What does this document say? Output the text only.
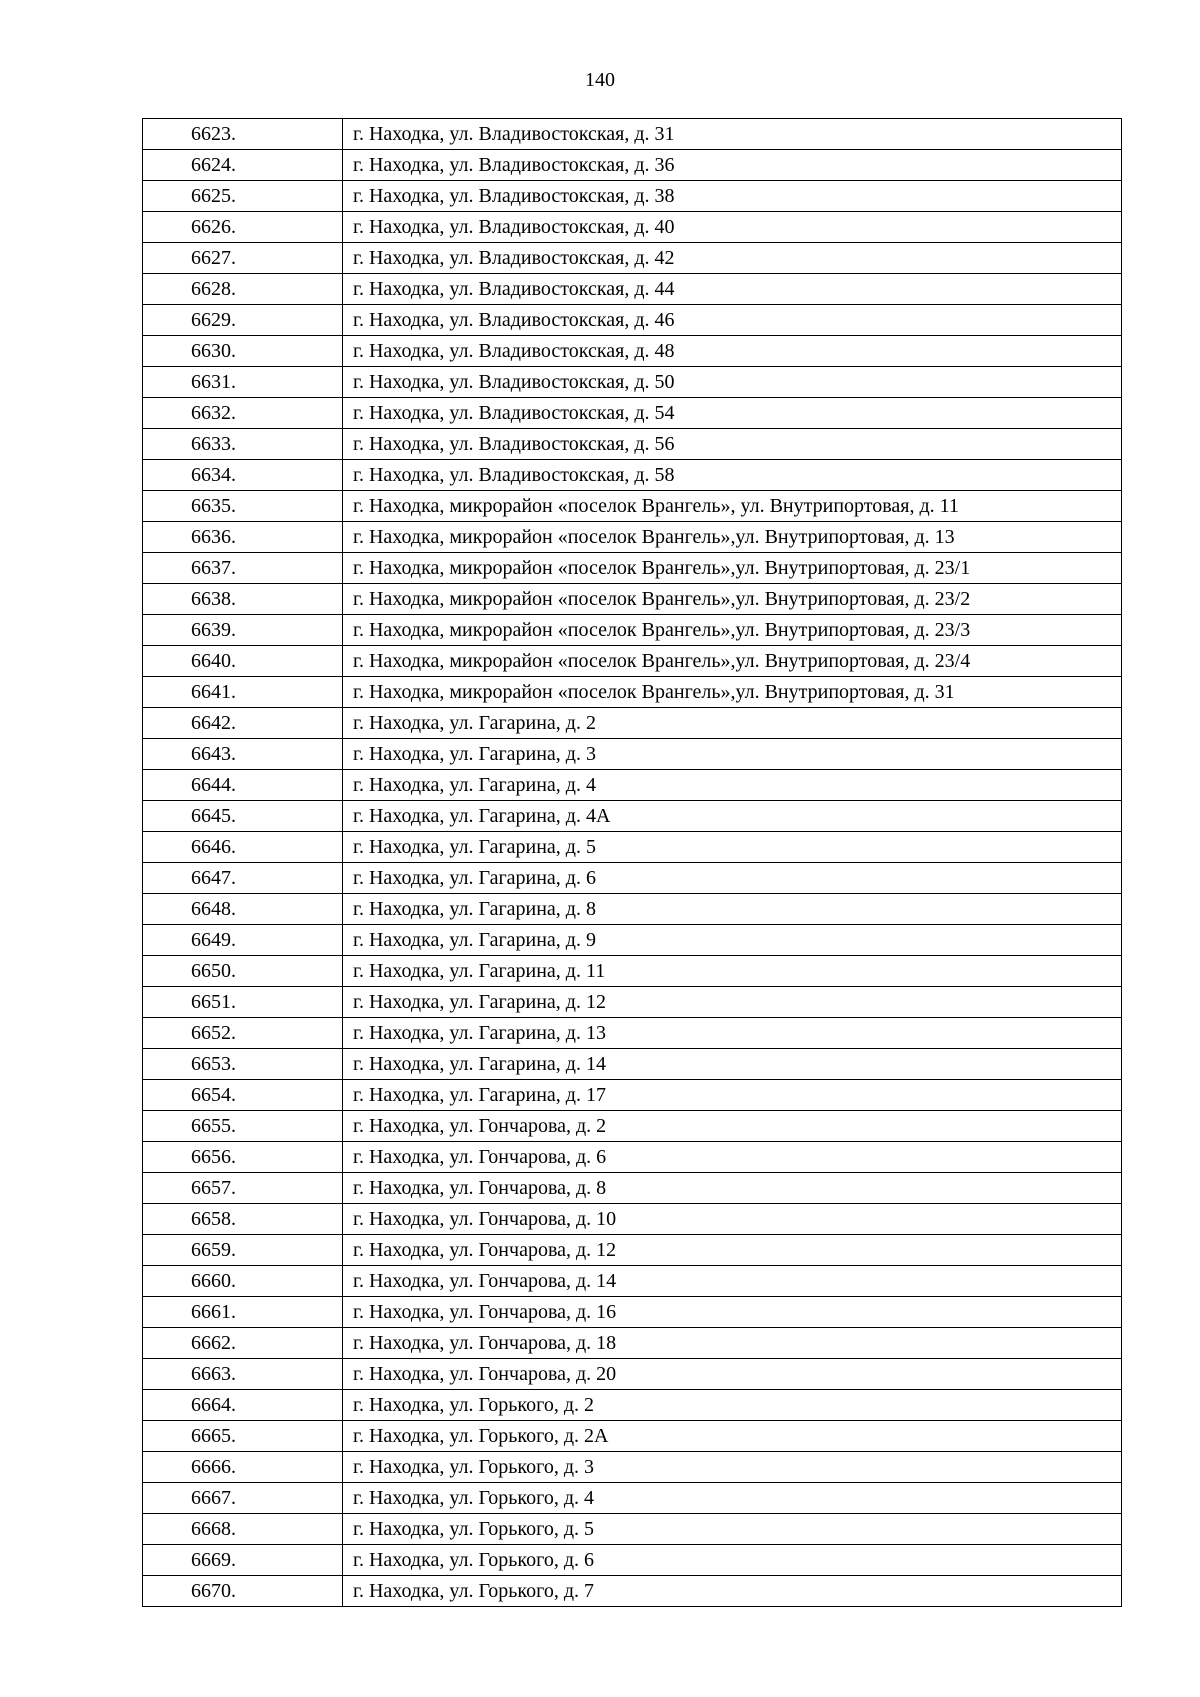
140
6623.	г. Находка, ул. Владивостокская, д. 31
6624.	г. Находка, ул. Владивостокская, д. 36
6625.	г. Находка, ул. Владивостокская, д. 38
6626.	г. Находка, ул. Владивостокская, д. 40
6627.	г. Находка, ул. Владивостокская, д. 42
6628.	г. Находка, ул. Владивостокская, д. 44
6629.	г. Находка, ул. Владивостокская, д. 46
6630.	г. Находка, ул. Владивостокская, д. 48
6631.	г. Находка, ул. Владивостокская, д. 50
6632.	г. Находка, ул. Владивостокская, д. 54
6633.	г. Находка, ул. Владивостокская, д. 56
6634.	г. Находка, ул. Владивостокская, д. 58
6635.	г. Находка, микрорайон «поселок Врангель», ул. Внутрипортовая, д. 11
6636.	г. Находка, микрорайон «поселок Врангель»,ул. Внутрипортовая, д. 13
6637.	г. Находка, микрорайон «поселок Врангель»,ул. Внутрипортовая, д. 23/1
6638.	г. Находка, микрорайон «поселок Врангель»,ул. Внутрипортовая, д. 23/2
6639.	г. Находка, микрорайон «поселок Врангель»,ул. Внутрипортовая, д. 23/3
6640.	г. Находка, микрорайон «поселок Врангель»,ул. Внутрипортовая, д. 23/4
6641.	г. Находка, микрорайон «поселок Врангель»,ул. Внутрипортовая, д. 31
6642.	г. Находка, ул. Гагарина, д. 2
6643.	г. Находка, ул. Гагарина, д. 3
6644.	г. Находка, ул. Гагарина, д. 4
6645.	г. Находка, ул. Гагарина, д. 4А
6646.	г. Находка, ул. Гагарина, д. 5
6647.	г. Находка, ул. Гагарина, д. 6
6648.	г. Находка, ул. Гагарина, д. 8
6649.	г. Находка, ул. Гагарина, д. 9
6650.	г. Находка, ул. Гагарина, д. 11
6651.	г. Находка, ул. Гагарина, д. 12
6652.	г. Находка, ул. Гагарина, д. 13
6653.	г. Находка, ул. Гагарина, д. 14
6654.	г. Находка, ул. Гагарина, д. 17
6655.	г. Находка, ул. Гончарова, д. 2
6656.	г. Находка, ул. Гончарова, д. 6
6657.	г. Находка, ул. Гончарова, д. 8
6658.	г. Находка, ул. Гончарова, д. 10
6659.	г. Находка, ул. Гончарова, д. 12
6660.	г. Находка, ул. Гончарова, д. 14
6661.	г. Находка, ул. Гончарова, д. 16
6662.	г. Находка, ул. Гончарова, д. 18
6663.	г. Находка, ул. Гончарова, д. 20
6664.	г. Находка, ул. Горького, д. 2
6665.	г. Находка, ул. Горького, д. 2А
6666.	г. Находка, ул. Горького, д. 3
6667.	г. Находка, ул. Горького, д. 4
6668.	г. Находка, ул. Горького, д. 5
6669.	г. Находка, ул. Горького, д. 6
6670.	г. Находка, ул. Горького, д. 7
